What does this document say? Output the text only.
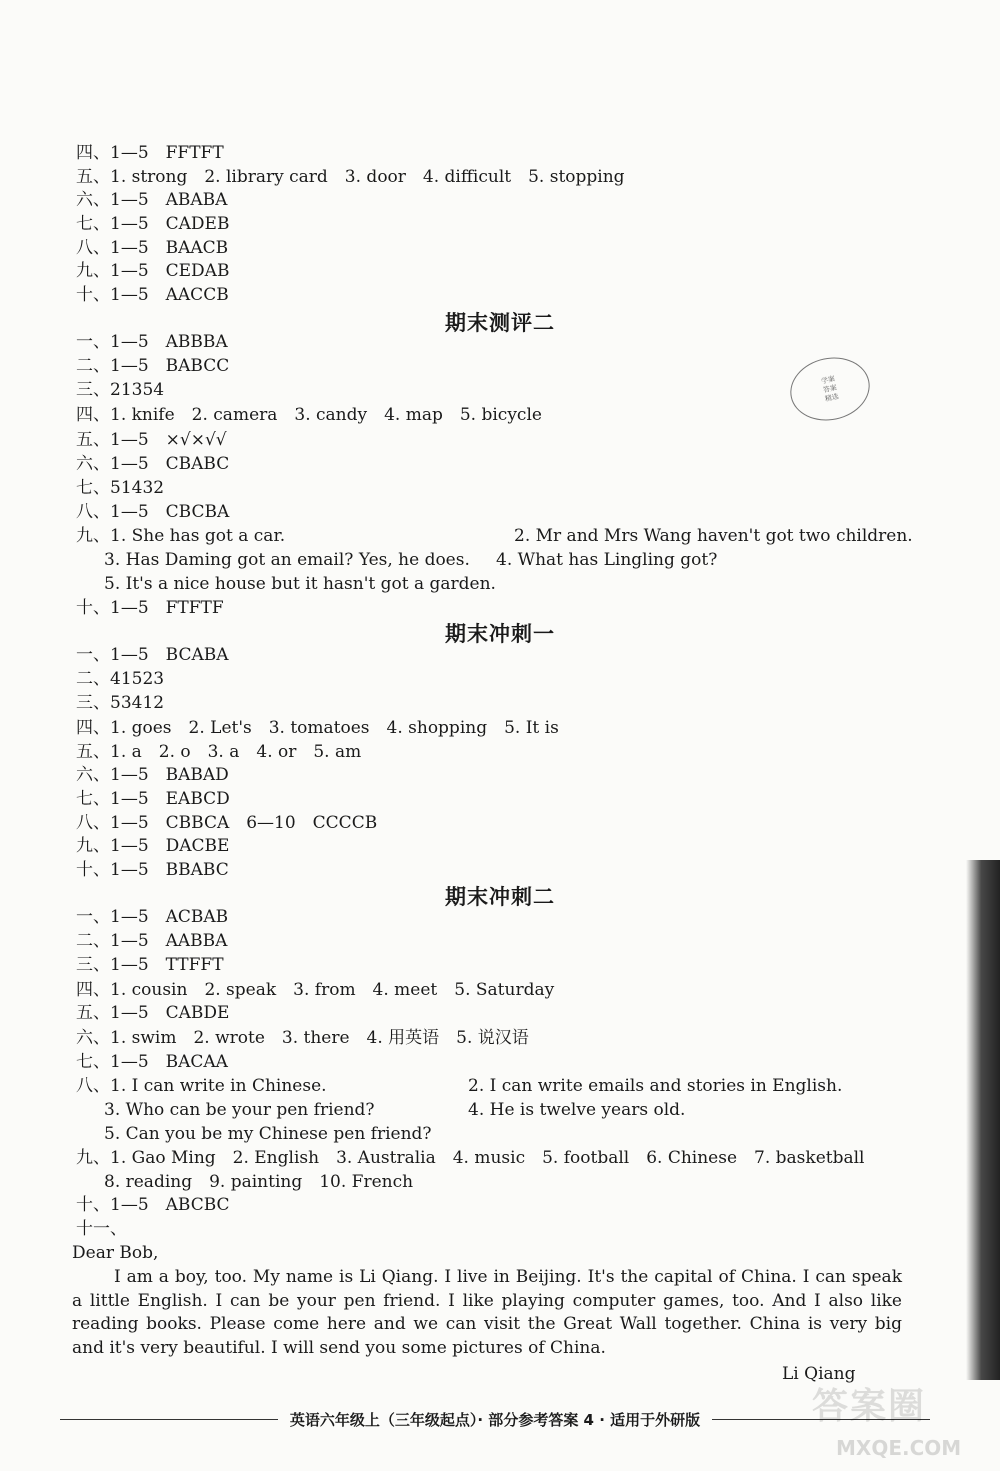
四、1—5　FFTFT
五、1. strong　2. library card　3. door　4. difficult　5. stopping
六、1—5　ABABA
七、1—5　CADEB
八、1—5　BAACB
九、1—5　CEDAB
十、1—5　AACCB
期末测评二
一、1—5　ABBBA
二、1—5　BABCC
三、21354
四、1. knife　2. camera　3. candy　4. map　5. bicycle
五、1—5　×√×√√
六、1—5　CBABC
七、51432
八、1—5　CBCBA
九、1. She has got a car.	2. Mr and Mrs Wang haven't got two children.
3. Has Daming got an email? Yes, he does. 4. What has Lingling got?
5. It's a nice house but it hasn't got a garden.
十、1—5　FTFTF
期末冲刺一
一、1—5　BCABA
二、41523
三、53412
四、1. goes　2. Let's　3. tomatoes　4. shopping　5. It is
五、1. a　2. o　3. a　4. or　5. am
六、1—5　BABAD
七、1—5　EABCD
八、1—5　CBBCA　6—10　CCCCB
九、1—5　DACBE
十、1—5　BBABC
期末冲刺二
一、1—5　ACBAB
二、1—5　AABBA
三、1—5　TTFFT
四、1. cousin　2. speak　3. from　4. meet　5. Saturday
五、1—5　CABDE
六、1. swim　2. wrote　3. there　4. 用英语　5. 说汉语
七、1—5　BACAA
八、1. I can write in Chinese.	2. I can write emails and stories in English.
3. Who can be your pen friend?	4. He is twelve years old.
5. Can you be my Chinese pen friend?
九、1. Gao Ming　2. English　3. Australia　4. music　5. football　6. Chinese　7. basketball
8. reading　9. painting　10. French
十、1—5　ABCBC
十一、
Dear Bob,
I am a boy, too. My name is Li Qiang. I live in Beijing. It's the capital of China. I can speak a little English. I can be your pen friend. I like playing computer games, too. And I also like reading books. Please come here and we can visit the Great Wall together. China is very big and it's very beautiful. I will send you some pictures of China.
Li Qiang
学案
答案
精选
英语六年级上（三年级起点）· 部分参考答案 4 · 适用于外研版	答案圈
MXQE.COM
